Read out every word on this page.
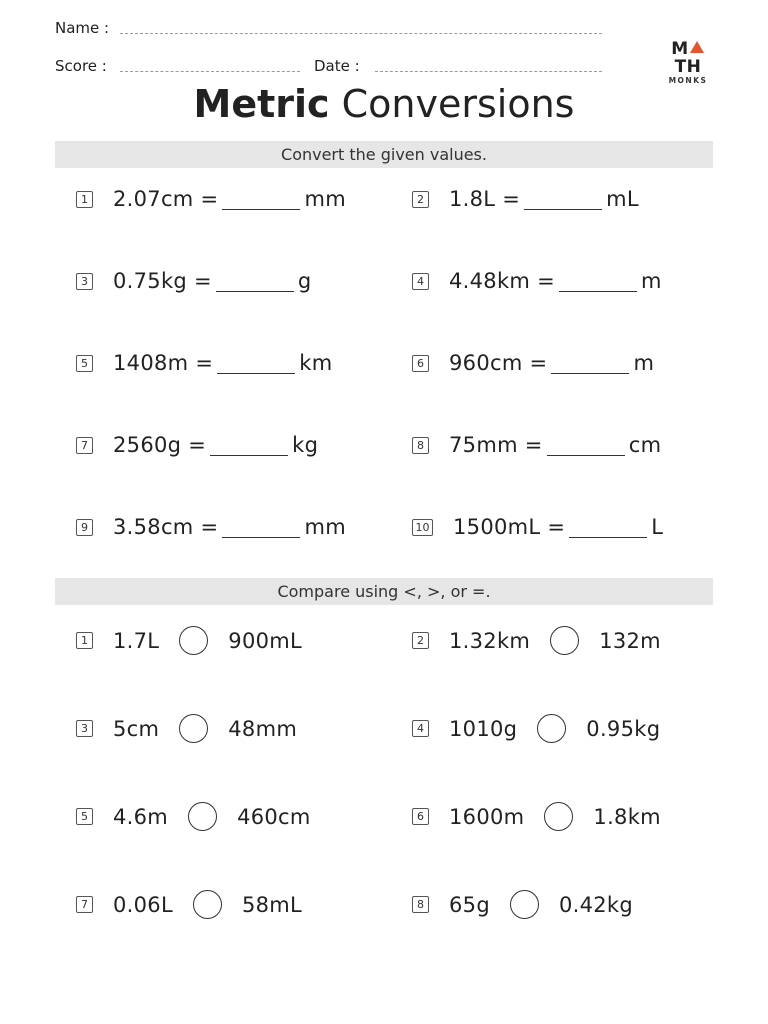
Name :
Score :	Date :
MTH
MONKS
Metric Conversions
Convert the given values.
1 2.07cm =	mm	2 1.8L =	mL
3 0.75kg =	g	4 4.48km =	m
5 1408m =	km	6 960cm =	m
7 2560g =	kg	8 75mm =	cm
9 3.58cm =	mm	10 1500mL =	L
Compare using <, >, or =.
1 1.7L	900mL	2 1.32km	132m
3 5cm	48mm	4 1010g	0.95kg
5 4.6m	460cm	6 1600m	1.8km
7 0.06L	58mL	8 65g	0.42kg
